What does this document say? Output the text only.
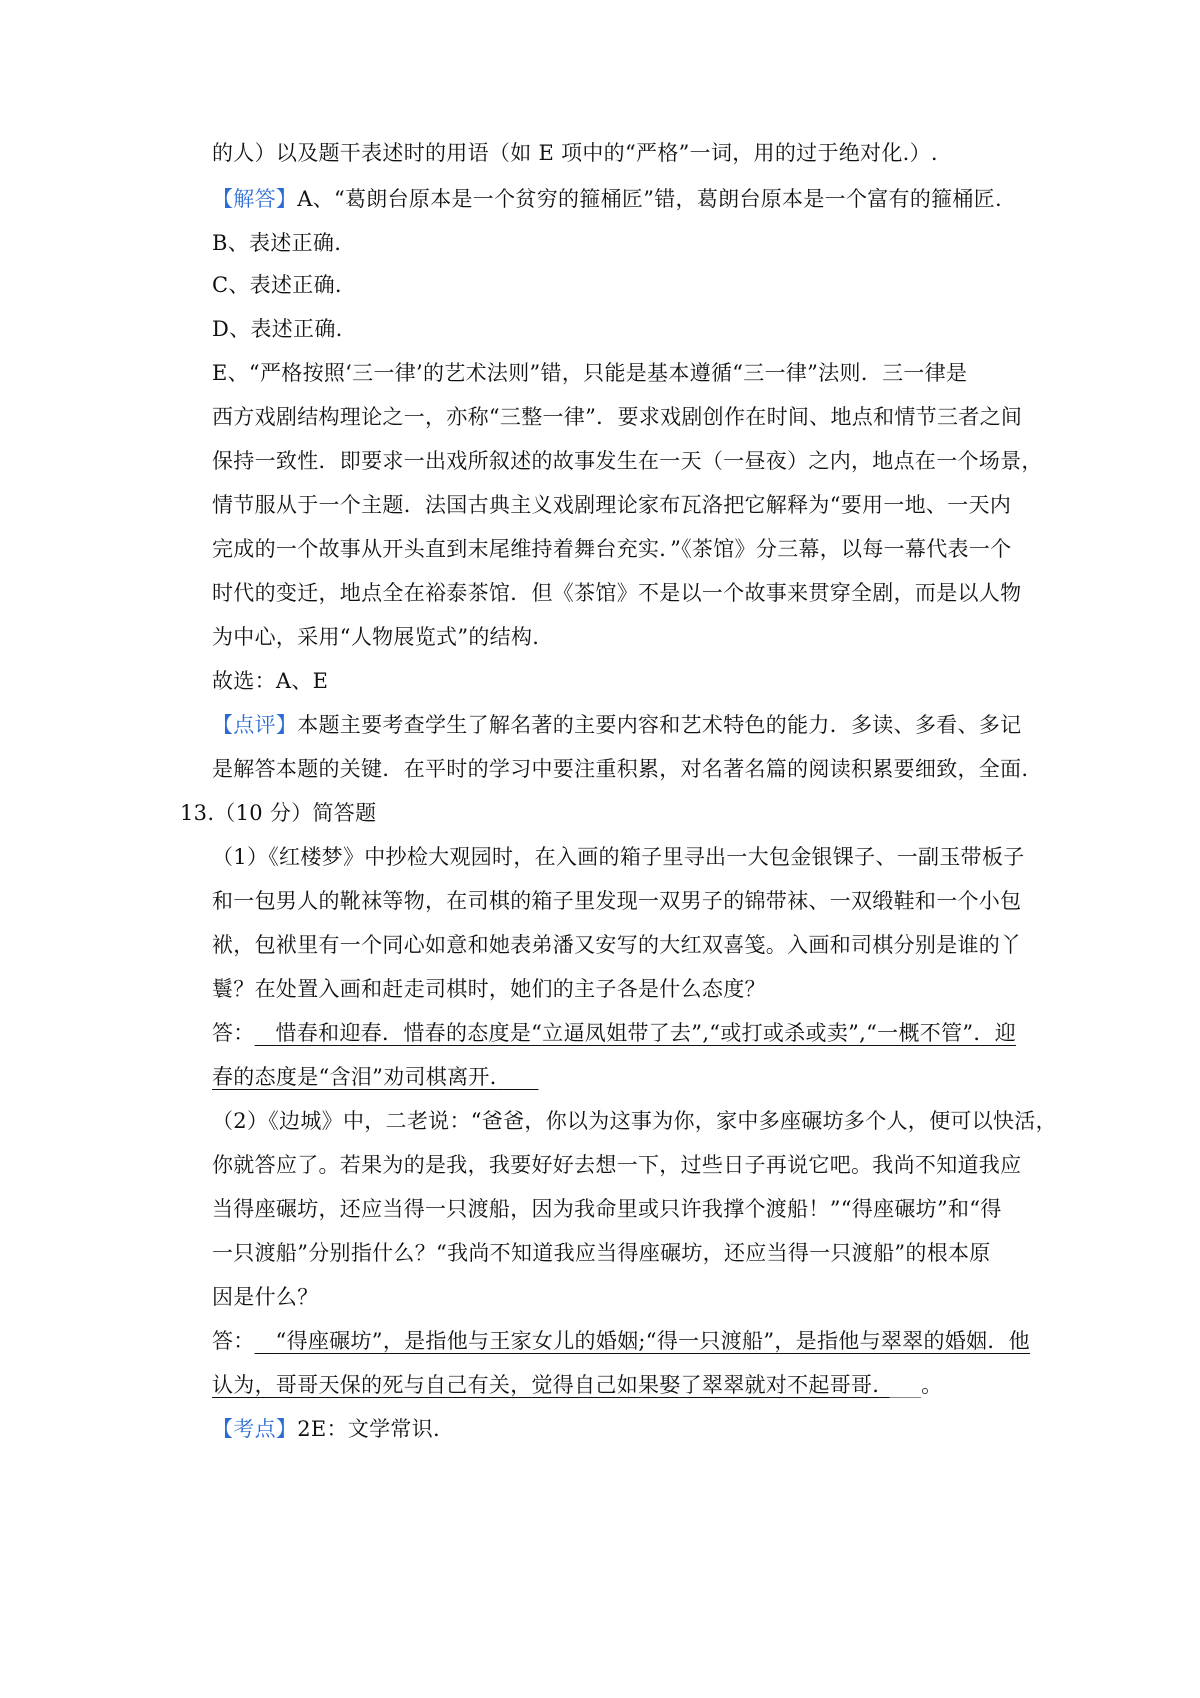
的人）以及题干表述时的用语（如 E 项中的“严格”一词，用的过于绝对化.）.
【解答】A、“葛朗台原本是一个贫穷的箍桶匠”错，葛朗台原本是一个富有的箍桶匠.
B、表述正确.
C、表述正确.
D、表述正确.
E、“严格按照‘三一律’的艺术法则”错，只能是基本遵循“三一律”法则．三一律是
西方戏剧结构理论之一，亦称“三整一律”．要求戏剧创作在时间、地点和情节三者之间
保持一致性．即要求一出戏所叙述的故事发生在一天（一昼夜）之内，地点在一个场景，
情节服从于一个主题．法国古典主义戏剧理论家布瓦洛把它解释为“要用一地、一天内
完成的一个故事从开头直到末尾维持着舞台充实．”《茶馆》分三幕，以每一幕代表一个
时代的变迁，地点全在裕泰茶馆．但《茶馆》不是以一个故事来贯穿全剧，而是以人物
为中心，采用“人物展览式”的结构.
故选：A、E
【点评】本题主要考查学生了解名著的主要内容和艺术特色的能力．多读、多看、多记
是解答本题的关键．在平时的学习中要注重积累，对名著名篇的阅读积累要细致，全面.
13.（10 分）简答题
（1）《红楼梦》中抄检大观园时，在入画的箱子里寻出一大包金银锞子、一副玉带板子
和一包男人的靴袜等物，在司棋的箱子里发现一双男子的锦带袜、一双缎鞋和一个小包
袱，包袱里有一个同心如意和她表弟潘又安写的大红双喜笺。入画和司棋分别是谁的丫
鬟？在处置入画和赶走司棋时，她们的主子各是什么态度？
答： 惜春和迎春．惜春的态度是“立逼凤姐带了去”,“或打或杀或卖”,“一概不管”．迎
春的态度是“含泪”劝司棋离开.
（2）《边城》中，二老说：“爸爸，你以为这事为你，家中多座碾坊多个人，便可以快活，
你就答应了。若果为的是我，我要好好去想一下，过些日子再说它吧。我尚不知道我应
当得座碾坊，还应当得一只渡船，因为我命里或只许我撑个渡船！”“得座碾坊”和“得
一只渡船”分别指什么？“我尚不知道我应当得座碾坊，还应当得一只渡船”的根本原
因是什么？
答： “得座碾坊”，是指他与王家女儿的婚姻;“得一只渡船”，是指他与翠翠的婚姻．他
认为，哥哥天保的死与自己有关，觉得自己如果娶了翠翠就对不起哥哥. 。
【考点】2E：文学常识.
